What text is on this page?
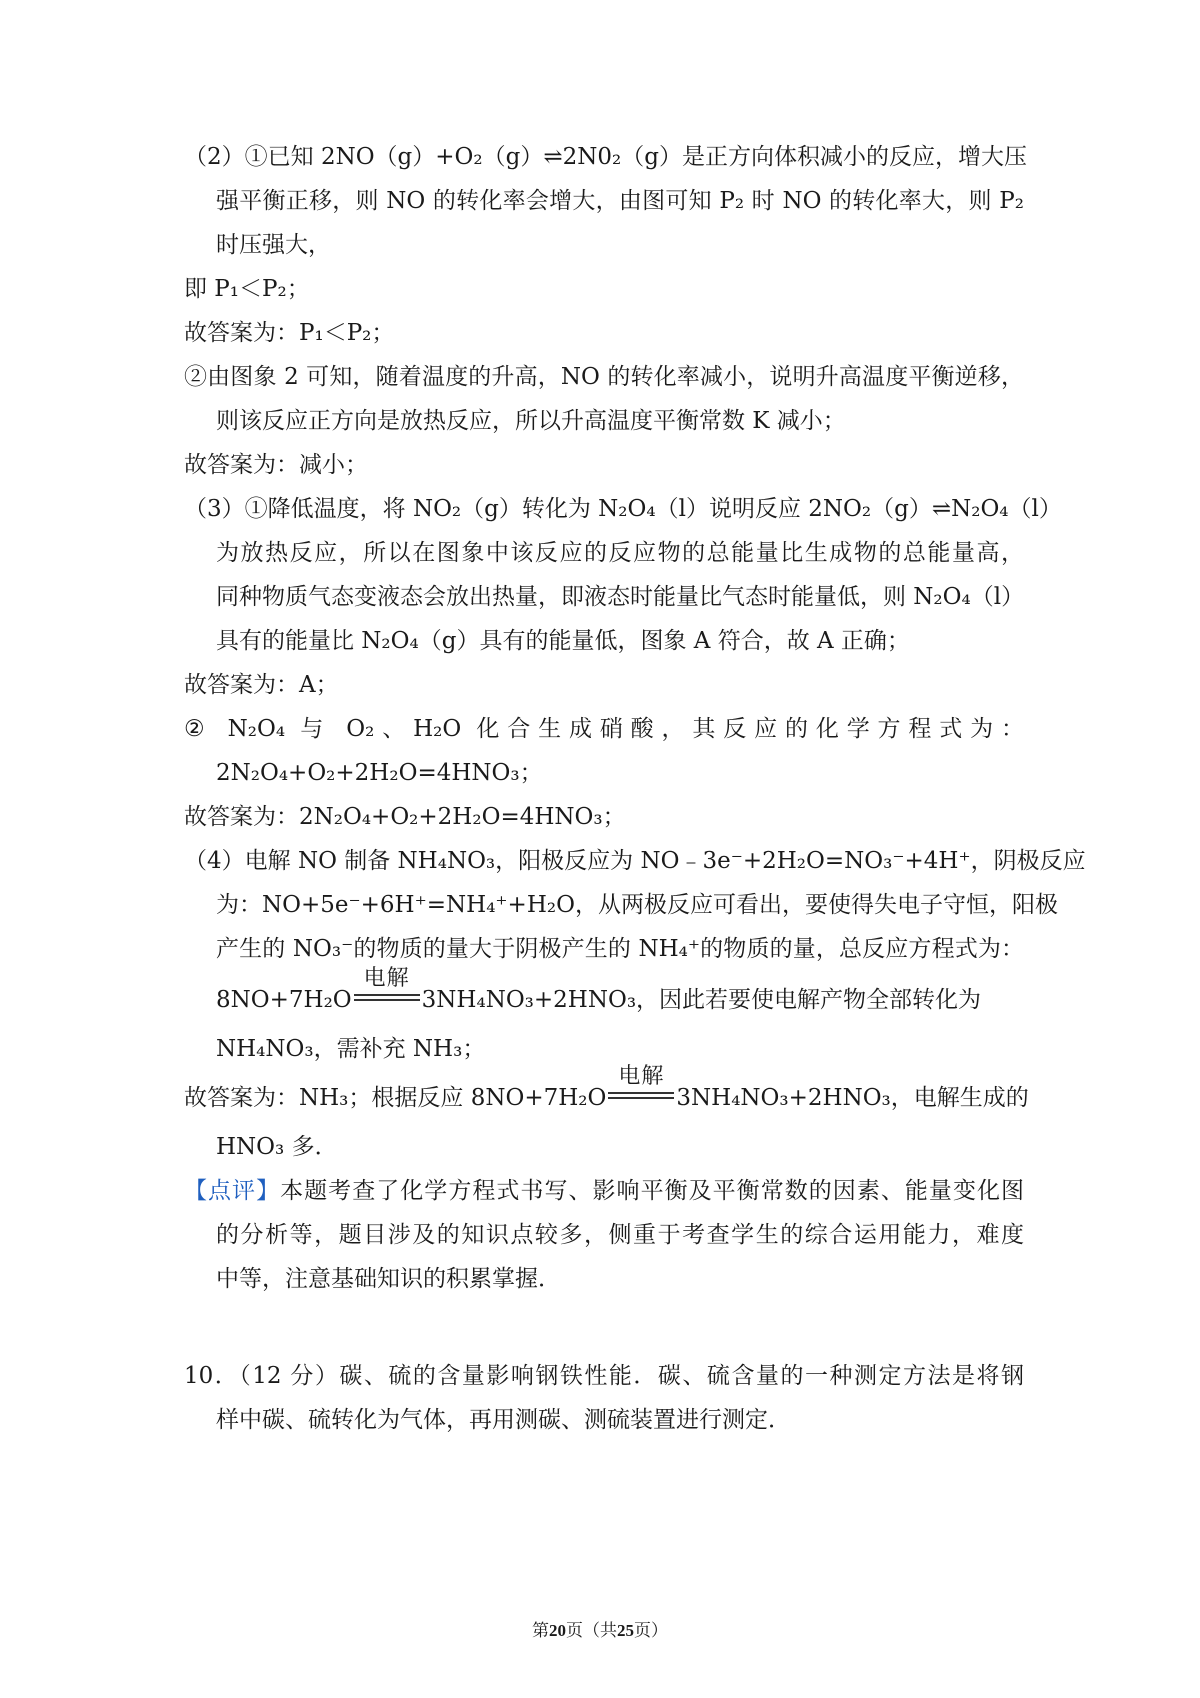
（2）①已知 2NO（g）+O₂（g）⇌2N0₂（g）是正方向体积减小的反应，增大压
强平衡正移，则 NO 的转化率会增大，由图可知 P₂ 时 NO 的转化率大，则 P₂
时压强大，
即 P₁＜P₂；
故答案为：P₁＜P₂；
②由图象 2 可知，随着温度的升高，NO 的转化率减小，说明升高温度平衡逆移，
则该反应正方向是放热反应，所以升高温度平衡常数 K 减小；
故答案为：减小；
（3）①降低温度，将 NO₂（g）转化为 N₂O₄（l）说明反应 2NO₂（g）⇌N₂O₄（l）
为放热反应，所以在图象中该反应的反应物的总能量比生成物的总能量高，
同种物质气态变液态会放出热量，即液态时能量比气态时能量低，则 N₂O₄（l）
具有的能量比 N₂O₄（g）具有的能量低，图象 A 符合，故 A 正确；
故答案为：A；
② N₂O₄ 与 O₂、H₂O 化合生成硝酸，其反应的化学方程式为：
2N₂O₄+O₂+2H₂O=4HNO₃；
故答案为：2N₂O₄+O₂+2H₂O=4HNO₃；
（4）电解 NO 制备 NH₄NO₃，阳极反应为 NO﹣3e⁻+2H₂O=NO₃⁻+4H⁺，阴极反应
为：NO+5e⁻+6H⁺=NH₄⁺+H₂O，从两极反应可看出，要使得失电子守恒，阳极
产生的 NO₃⁻的物质的量大于阴极产生的 NH₄⁺的物质的量，总反应方程式为：
8NO+7H₂O
电解
3NH₄NO₃+2HNO₃，因此若要使电解产物全部转化为
NH₄NO₃，需补充 NH₃；
故答案为：NH₃；根据反应 8NO+7H₂O
电解
3NH₄NO₃+2HNO₃，电解生成的
HNO₃ 多．
【点评】本题考查了化学方程式书写、影响平衡及平衡常数的因素、能量变化图
的分析等，题目涉及的知识点较多，侧重于考查学生的综合运用能力，难度
中等，注意基础知识的积累掌握．
10．（12 分）碳、硫的含量影响钢铁性能．碳、硫含量的一种测定方法是将钢
样中碳、硫转化为气体，再用测碳、测硫装置进行测定．
第20页（共25页）
